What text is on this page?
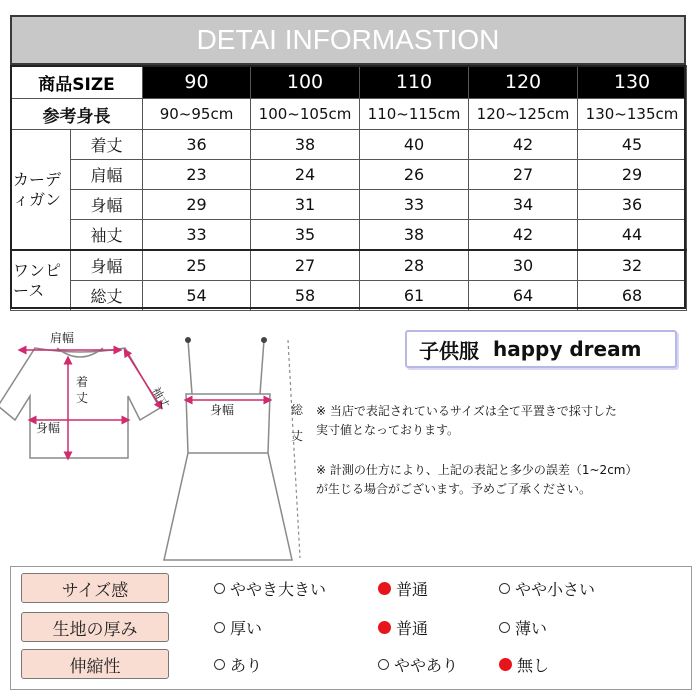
DETAI INFORMASTION
商品SIZE		90	100	110	120	130
参考身長		90~95cm	100~105cm	110~115cm	120~125cm	130~135cm
カーディガン	着丈	36	38	40	42	45
	肩幅	23	24	26	27	29
	身幅	29	31	33	34	36
	袖丈	33	35	38	42	44
ワンピース	身幅	25	27	28	30	32
	総丈	54	58	61	64	68
肩幅
着
丈	袖丈
身幅
身幅	総
丈
子供服 happy dream
※ 当店で表記されているサイズは全て平置きで採寸した
実寸値となっております。
※ 計測の仕方により、上記の表記と多少の誤差（1~2cm）
が生じる場合がございます。予めご了承ください。
サイズ感	ややき大きい	普通	やや小さい
生地の厚み	厚い	普通	薄い
伸縮性	あり	ややあり	無し
